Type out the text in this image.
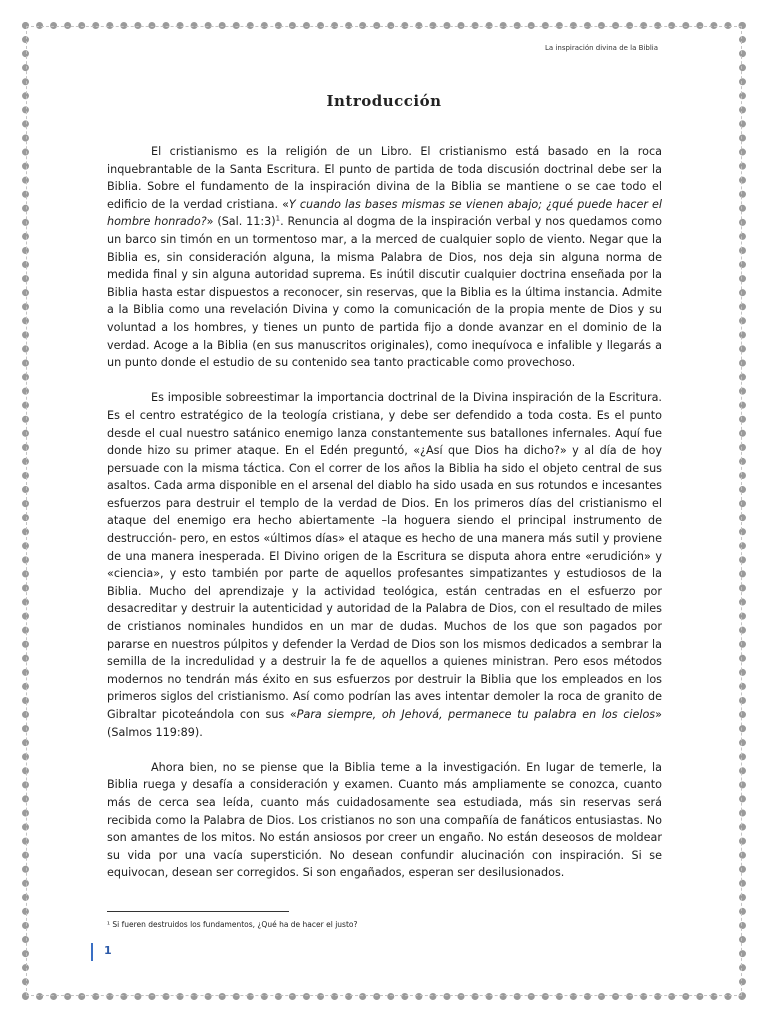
La inspiración divina de la Biblia
Introducción

El cristianismo es la religión de un Libro. El cristianismo está basado en la roca inquebrantable de la Santa Escritura. El punto de partida de toda discusión doctrinal debe ser la Biblia. Sobre el fundamento de la inspiración divina de la Biblia se mantiene o se cae todo el edificio de la verdad cristiana. «Y cuando las bases mismas se vienen abajo; ¿qué puede hacer el hombre honrado?» (Sal. 11:3)$^1$. Renuncia al dogma de la inspiración verbal y nos quedamos como un barco sin timón en un tormentoso mar, a la merced de cualquier soplo de viento. Negar que la Biblia es, sin consideración alguna, la misma Palabra de Dios, nos deja sin alguna norma de medida final y sin alguna autoridad suprema. Es inútil discutir cualquier doctrina enseñada por la Biblia hasta estar dispuestos a reconocer, sin reservas, que la Biblia es la última instancia. Admite a la Biblia como una revelación Divina y como la comunicación de la propia mente de Dios y su voluntad a los hombres, y tienes un punto de partida fijo a donde avanzar en el dominio de la verdad. Acoge a la Biblia (en sus manuscritos originales), como inequívoca e infalible y llegarás a un punto donde el estudio de su contenido sea tanto practicable como provechoso.

Es imposible sobreestimar la importancia doctrinal de la Divina inspiración de la Escritura. Es el centro estratégico de la teología cristiana, y debe ser defendido a toda costa. Es el punto desde el cual nuestro satánico enemigo lanza constantemente sus batallones infernales. Aquí fue donde hizo su primer ataque. En el Edén preguntó, «¿Así que Dios ha dicho?» y al día de hoy persuade con la misma táctica. Con el correr de los años la Biblia ha sido el objeto central de sus asaltos. Cada arma disponible en el arsenal del diablo ha sido usada en sus rotundos e incesantes esfuerzos para destruir el templo de la verdad de Dios. En los primeros días del cristianismo el ataque del enemigo era hecho abiertamente –la hoguera siendo el principal instrumento de destrucción- pero, en estos «últimos días» el ataque es hecho de una manera más sutil y proviene de una manera inesperada. El Divino origen de la Escritura se disputa ahora entre «erudición» y «ciencia», y esto también por parte de aquellos profesantes simpatizantes y estudiosos de la Biblia. Mucho del aprendizaje y la actividad teológica, están centradas en el esfuerzo por desacreditar y destruir la autenticidad y autoridad de la Palabra de Dios, con el resultado de miles de cristianos nominales hundidos en un mar de dudas. Muchos de los que son pagados por pararse en nuestros púlpitos y defender la Verdad de Dios son los mismos dedicados a sembrar la semilla de la incredulidad y a destruir la fe de aquellos a quienes ministran. Pero esos métodos modernos no tendrán más éxito en sus esfuerzos por destruir la Biblia que los empleados en los primeros siglos del cristianismo. Así como podrían las aves intentar demoler la roca de granito de Gibraltar picoteándola con sus «Para siempre, oh Jehová, permanece tu palabra en los cielos» (Salmos 119:89).

Ahora bien, no se piense que la Biblia teme a la investigación. En lugar de temerle, la Biblia ruega y desafía a consideración y examen. Cuanto más ampliamente se conozca, cuanto más de cerca sea leída, cuanto más cuidadosamente sea estudiada, más sin reservas será recibida como la Palabra de Dios. Los cristianos no son una compañía de fanáticos entusiastas. No son amantes de los mitos. No están ansiosos por creer un engaño. No están deseosos de moldear su vida por una vacía superstición. No desean confundir alucinación con inspiración. Si se equivocan, desean ser corregidos. Si son engañados, esperan ser desilusionados.

¹ Si fueren destruidos los fundamentos, ¿Qué ha de hacer el justo?
1
